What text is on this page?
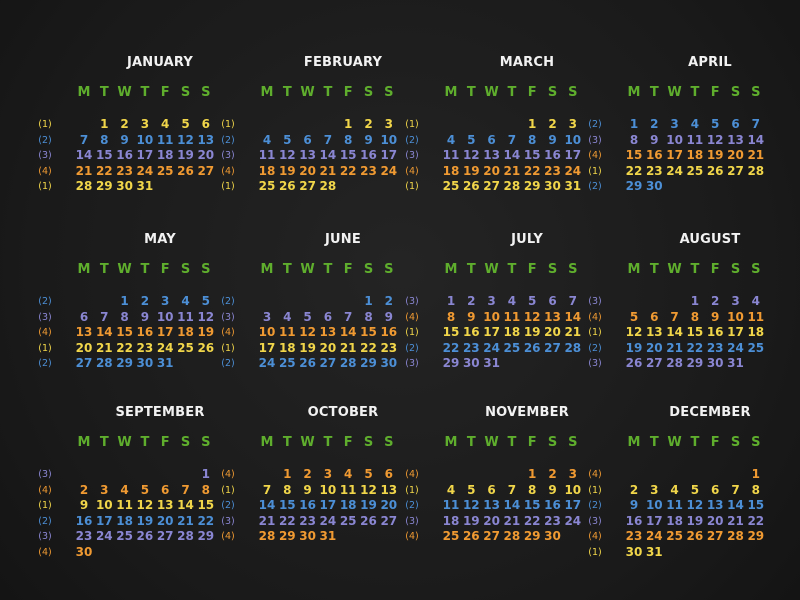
JANUARY
M T W T F S S
(1)
(2)
(3)
(4)
(1)
1 2 3 4 5 6
7 8 9 10 11 12 13
14 15 16 17 18 19 20
21 22 23 24 25 26 27
28 29 30 31
FEBRUARY
M T W T F S S
(1)
(2)
(3)
(4)
(1)
1 2 3
4 5 6 7 8 9 10
11 12 13 14 15 16 17
18 19 20 21 22 23 24
25 26 27 28
MARCH
M T W T F S S
(1)
(2)
(3)
(4)
(1)
1 2 3
4 5 6 7 8 9 10
11 12 13 14 15 16 17
18 19 20 21 22 23 24
25 26 27 28 29 30 31
APRIL
M T W T F S S
(2)
(3)
(4)
(1)
(2)
1 2 3 4 5 6 7
8 9 10 11 12 13 14
15 16 17 18 19 20 21
22 23 24 25 26 27 28
29 30
MAY
M T W T F S S
(2)
(3)
(4)
(1)
(2)
1 2 3 4 5
6 7 8 9 10 11 12
13 14 15 16 17 18 19
20 21 22 23 24 25 26
27 28 29 30 31
JUNE
M T W T F S S
(2)
(3)
(4)
(1)
(2)
1 2
3 4 5 6 7 8 9
10 11 12 13 14 15 16
17 18 19 20 21 22 23
24 25 26 27 28 29 30
JULY
M T W T F S S
(3)
(4)
(1)
(2)
(3)
1 2 3 4 5 6 7
8 9 10 11 12 13 14
15 16 17 18 19 20 21
22 23 24 25 26 27 28
29 30 31
AUGUST
M T W T F S S
(3)
(4)
(1)
(2)
(3)
1 2 3 4
5 6 7 8 9 10 11
12 13 14 15 16 17 18
19 20 21 22 23 24 25
26 27 28 29 30 31
SEPTEMBER
M T W T F S S
(3)
(4)
(1)
(2)
(3)
(4)
1
2 3 4 5 6 7 8
9 10 11 12 13 14 15
16 17 18 19 20 21 22
23 24 25 26 27 28 29
30
OCTOBER
M T W T F S S
(4)
(1)
(2)
(3)
(4)
1 2 3 4 5 6
7 8 9 10 11 12 13
14 15 16 17 18 19 20
21 22 23 24 25 26 27
28 29 30 31
NOVEMBER
M T W T F S S
(4)
(1)
(2)
(3)
(4)
1 2 3
4 5 6 7 8 9 10
11 12 13 14 15 16 17
18 19 20 21 22 23 24
25 26 27 28 29 30
DECEMBER
M T W T F S S
(4)
(1)
(2)
(3)
(4)
(1)
1
2 3 4 5 6 7 8
9 10 11 12 13 14 15
16 17 18 19 20 21 22
23 24 25 26 27 28 29
30 31
